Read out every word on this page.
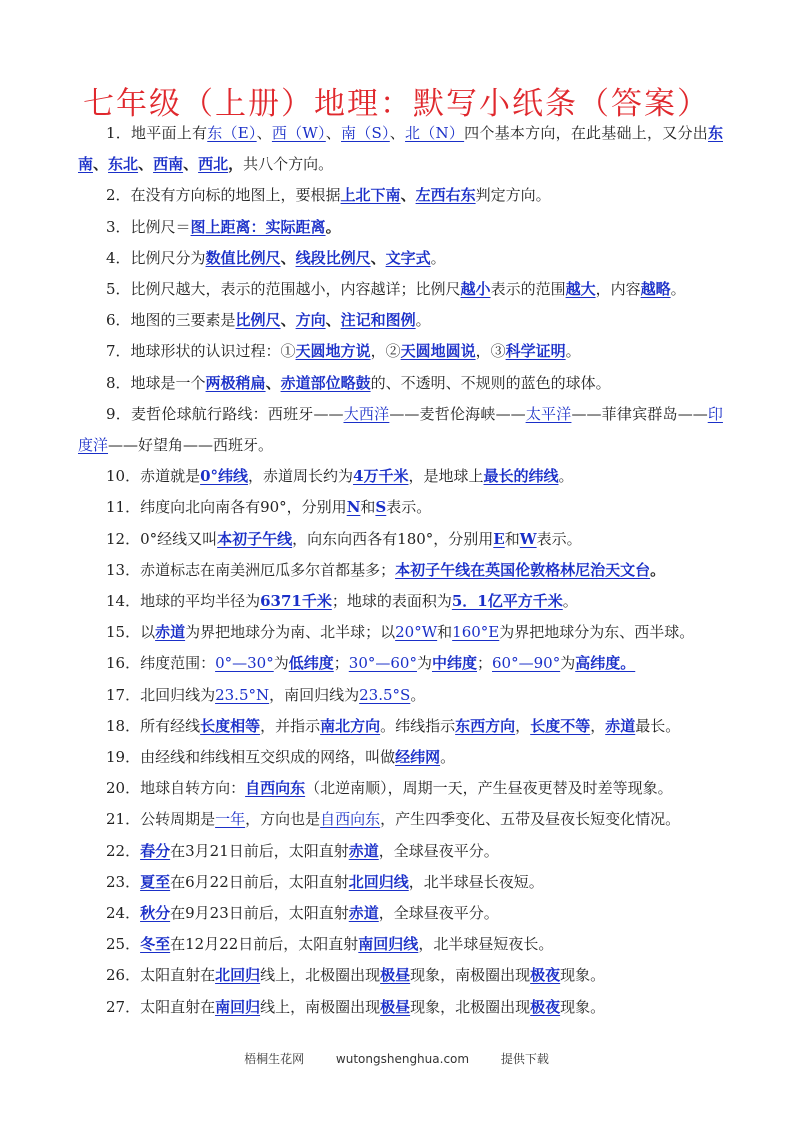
七年级（上册）地理：默写小纸条（答案）
1．地平面上有东（E）、西（W）、南（S）、北（N）四个基本方向，在此基础上，又分出东南、东北、西南、西北，共八个方向。
2．在没有方向标的地图上，要根据上北下南、左西右东判定方向。
3．比例尺＝图上距离：实际距离。
4．比例尺分为数值比例尺、线段比例尺、文字式。
5．比例尺越大，表示的范围越小，内容越详；比例尺越小表示的范围越大，内容越略。
6．地图的三要素是比例尺、方向、注记和图例。
7．地球形状的认识过程：①天圆地方说，②天圆地圆说，③科学证明。
8．地球是一个两极稍扁、赤道部位略鼓的、不透明、不规则的蓝色的球体。
9．麦哲伦球航行路线：西班牙——大西洋——麦哲伦海峡——太平洋——菲律宾群岛——印度洋——好望角——西班牙。
10．赤道就是0°纬线，赤道周长约为4万千米，是地球上最长的纬线。
11．纬度向北向南各有90°，分别用N和S表示。
12．0°经线又叫本初子午线，向东向西各有180°，分别用E和W表示。
13．赤道标志在南美洲厄瓜多尔首都基多；本初子午线在英国伦敦格林尼治天文台。
14．地球的平均半径为6371千米；地球的表面积为5．1亿平方千米。
15．以赤道为界把地球分为南、北半球；以20°W和160°E为界把地球分为东、西半球。
16．纬度范围：0°—30°为低纬度；30°—60°为中纬度；60°—90°为高纬度。
17．北回归线为23.5°N，南回归线为23.5°S。
18．所有经线长度相等，并指示南北方向。纬线指示东西方向，长度不等，赤道最长。
19．由经线和纬线相互交织成的网络，叫做经纬网。
20．地球自转方向：自西向东（北逆南顺），周期一天，产生昼夜更替及时差等现象。
21．公转周期是一年，方向也是自西向东，产生四季变化、五带及昼夜长短变化情况。
22．春分在3月21日前后，太阳直射赤道，全球昼夜平分。
23．夏至在6月22日前后，太阳直射北回归线，北半球昼长夜短。
24．秋分在9月23日前后，太阳直射赤道，全球昼夜平分。
25．冬至在12月22日前后，太阳直射南回归线，北半球昼短夜长。
26．太阳直射在北回归线上，北极圈出现极昼现象，南极圈出现极夜现象。
27．太阳直射在南回归线上，南极圈出现极昼现象，北极圈出现极夜现象。
梧桐生花网	wutongshenghua.com	提供下载
